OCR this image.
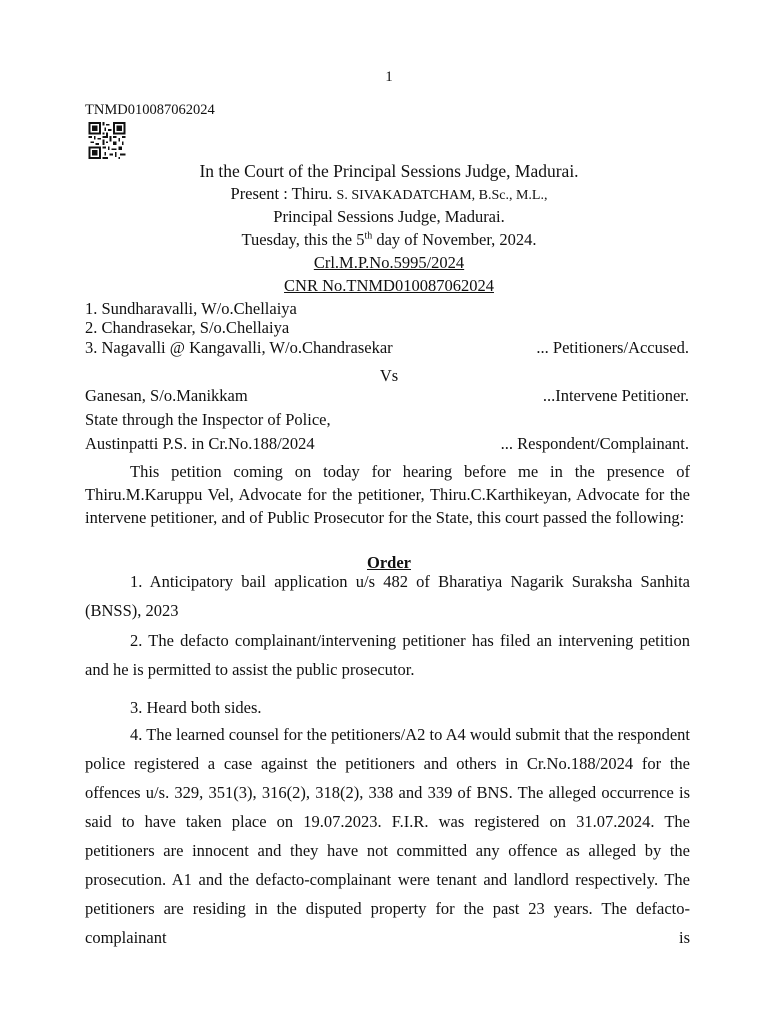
1
TNMD010087062024
In the Court of the Principal Sessions Judge, Madurai.
Present : Thiru. S. SIVAKADATCHAM, B.Sc., M.L.,
Principal Sessions Judge, Madurai.
Tuesday, this the 5th day of November, 2024.
Crl.M.P.No.5995/2024
CNR No.TNMD010087062024
1. Sundharavalli, W/o.Chellaiya
2. Chandrasekar, S/o.Chellaiya
3. Nagavalli @ Kangavalli, W/o.Chandrasekar	... Petitioners/Accused.
Vs
Ganesan, S/o.Manikkam	...Intervene Petitioner.
State through the Inspector of Police,
Austinpatti P.S. in Cr.No.188/2024	... Respondent/Complainant.
This petition coming on today for hearing before me in the presence of Thiru.M.Karuppu Vel, Advocate for the petitioner, Thiru.C.Karthikeyan, Advocate for the intervene petitioner, and of Public Prosecutor for the State, this court passed the following:
Order
1. Anticipatory bail application u/s 482 of Bharatiya Nagarik Suraksha Sanhita (BNSS), 2023
2. The defacto complainant/intervening petitioner has filed an intervening petition and he is permitted to assist the public prosecutor.
3. Heard both sides.
4. The learned counsel for the petitioners/A2 to A4 would submit that the respondent police registered a case against the petitioners and others in Cr.No.188/2024 for the offences u/s. 329, 351(3), 316(2), 318(2), 338 and 339 of BNS. The alleged occurrence is said to have taken place on 19.07.2023. F.I.R. was registered on 31.07.2024. The petitioners are innocent and they have not committed any offence as alleged by the prosecution. A1 and the defacto-complainant were tenant and landlord respectively. The petitioners are residing in the disputed property for the past 23 years. The defacto-complainant is
